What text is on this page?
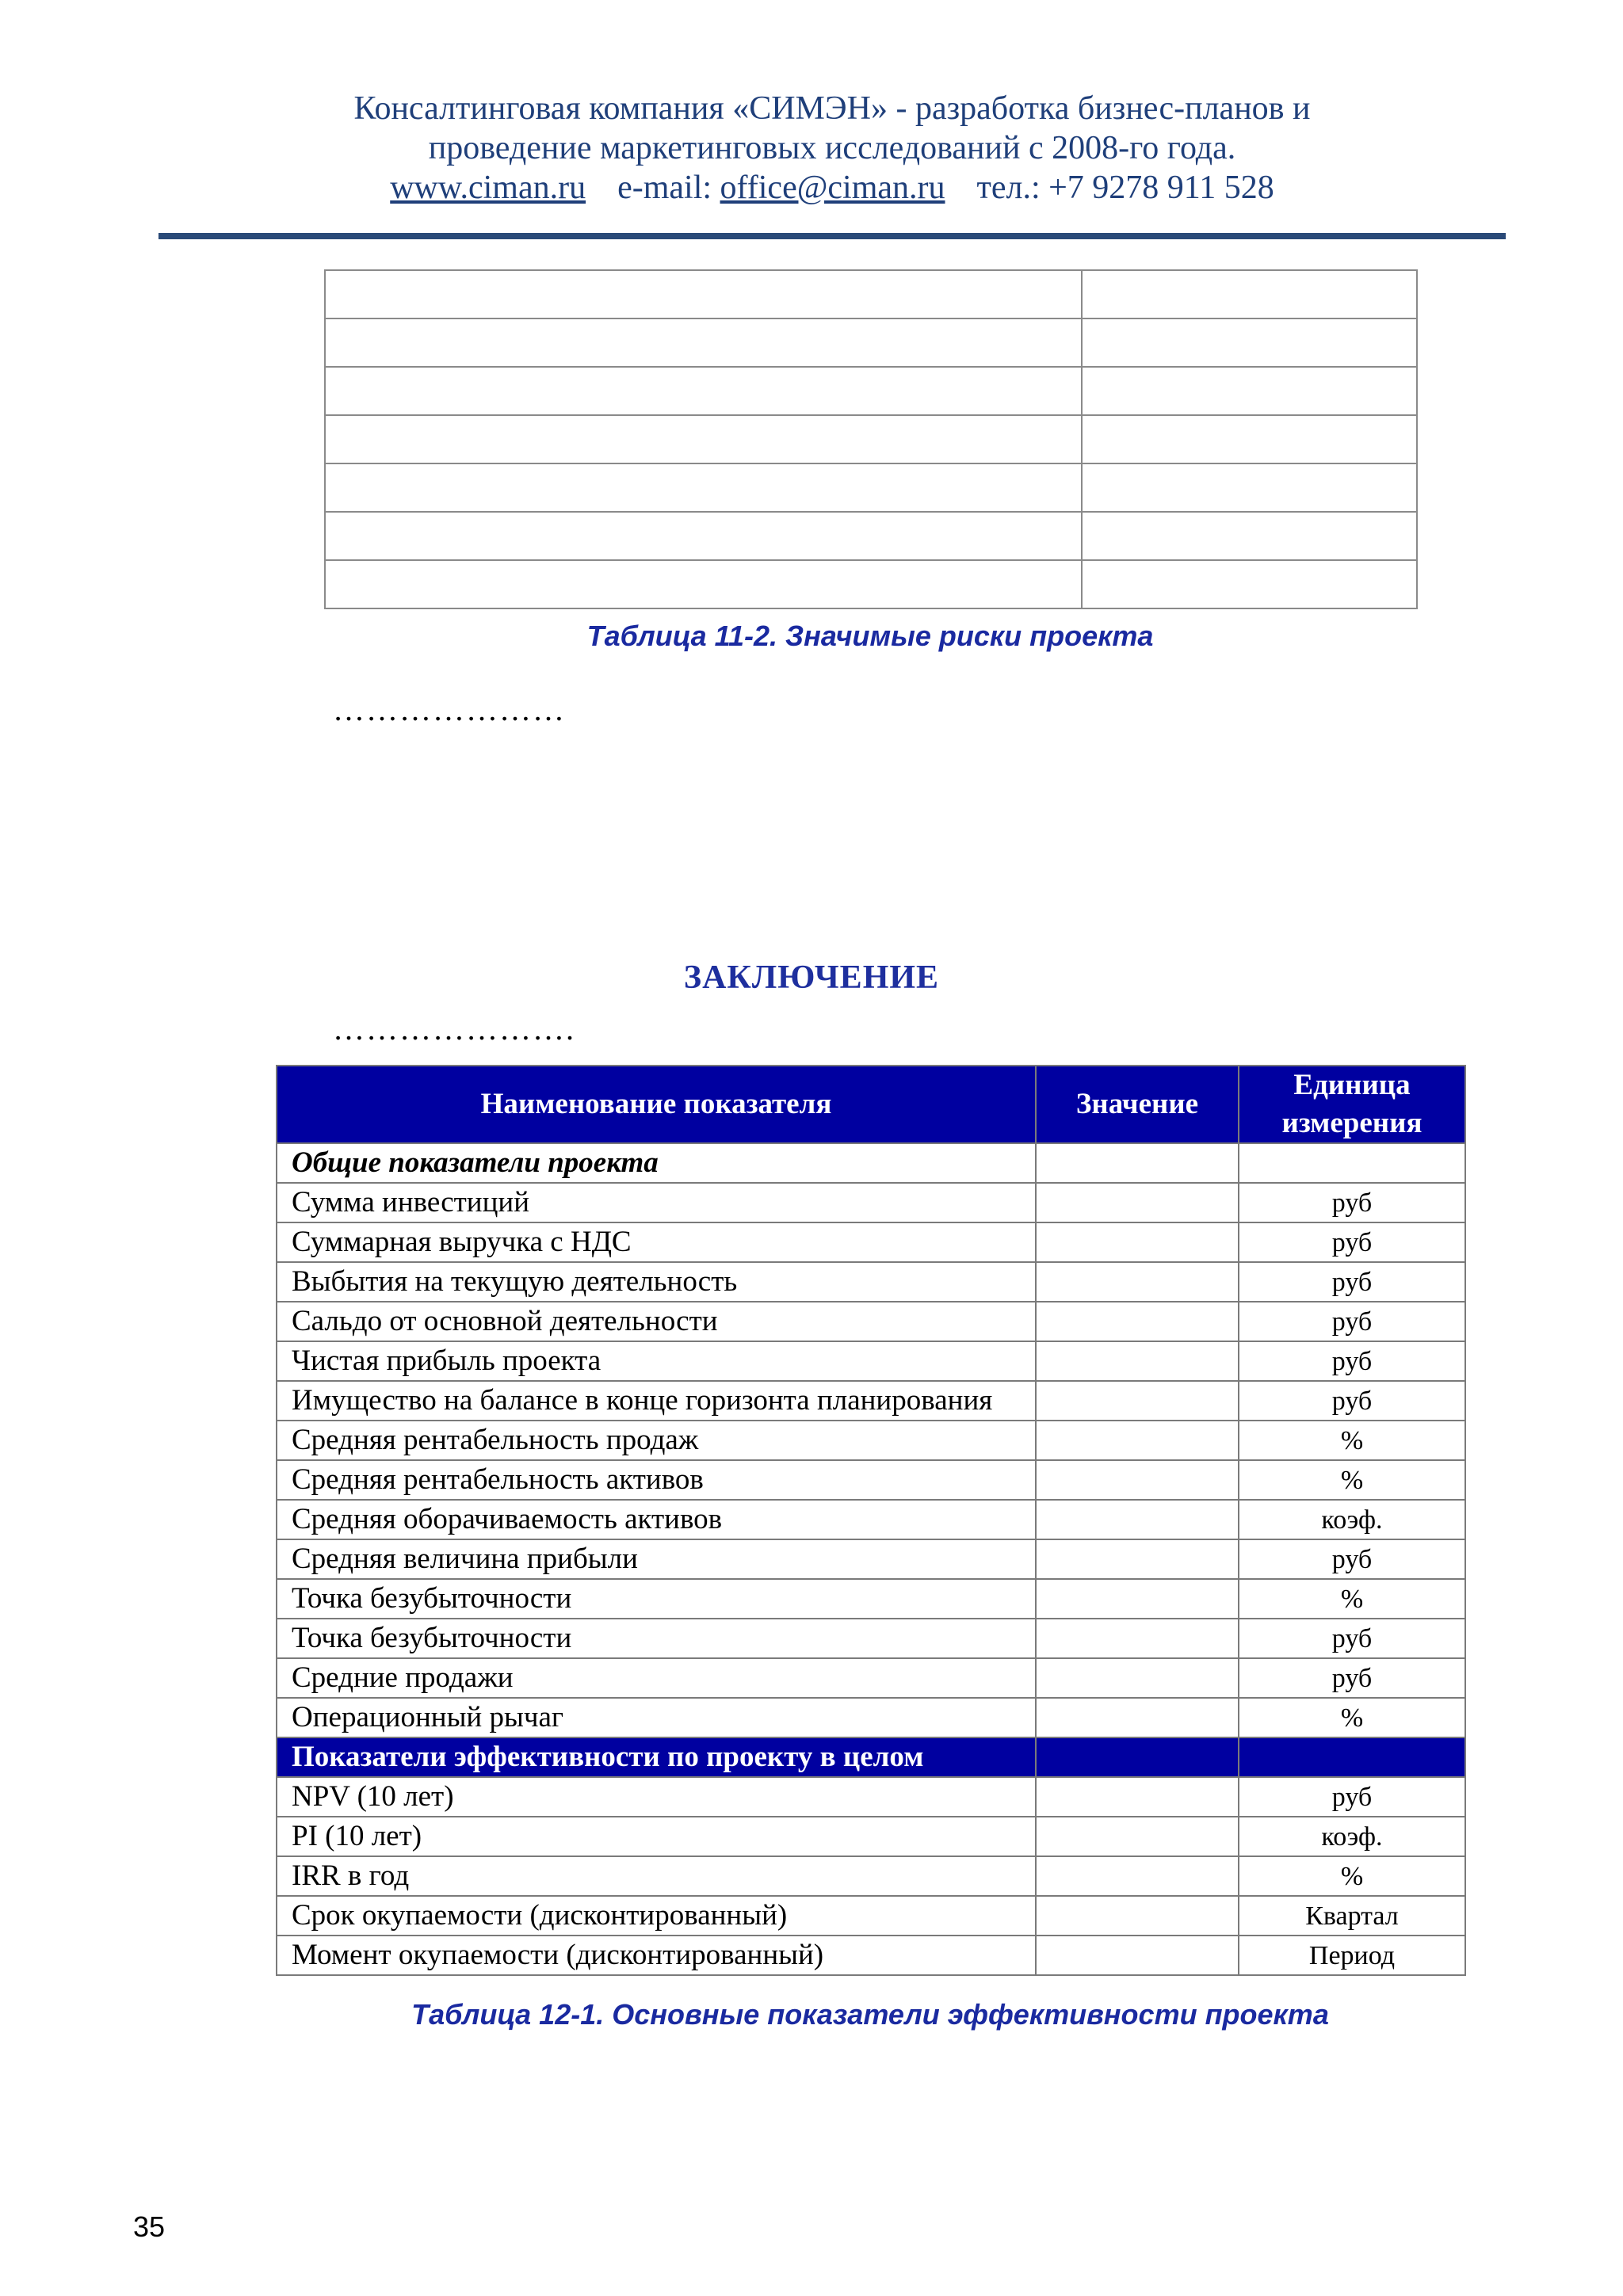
Консалтинговая компания «СИМЭН» - разработка бизнес-планов и
проведение маркетинговых исследований с 2008-го года.
www.ciman.ru e-mail: office@ciman.ru тел.: +7 9278 911 528

Таблица 11-2. Значимые риски проекта
…………………
ЗАКЛЮЧЕНИЕ
………………….
Наименование показателя	Значение	Единица измерения
Общие показатели проекта		
Сумма инвестиций		руб
Суммарная выручка с НДС		руб
Выбытия на текущую деятельность		руб
Сальдо от основной деятельности		руб
Чистая прибыль проекта		руб
Имущество на балансе в конце горизонта планирования		руб
Средняя рентабельность продаж		%
Средняя рентабельность активов		%
Средняя оборачиваемость активов		коэф.
Средняя величина прибыли		руб
Точка безубыточности		%
Точка безубыточности		руб
Средние продажи		руб
Операционный рычаг		%
Показатели эффективности по проекту в целом		
NPV (10 лет)		руб
PI (10 лет)		коэф.
IRR в год		%
Срок окупаемости (дисконтированный)		Квартал
Момент окупаемости (дисконтированный)		Период
Таблица 12-1. Основные показатели эффективности проекта
35
